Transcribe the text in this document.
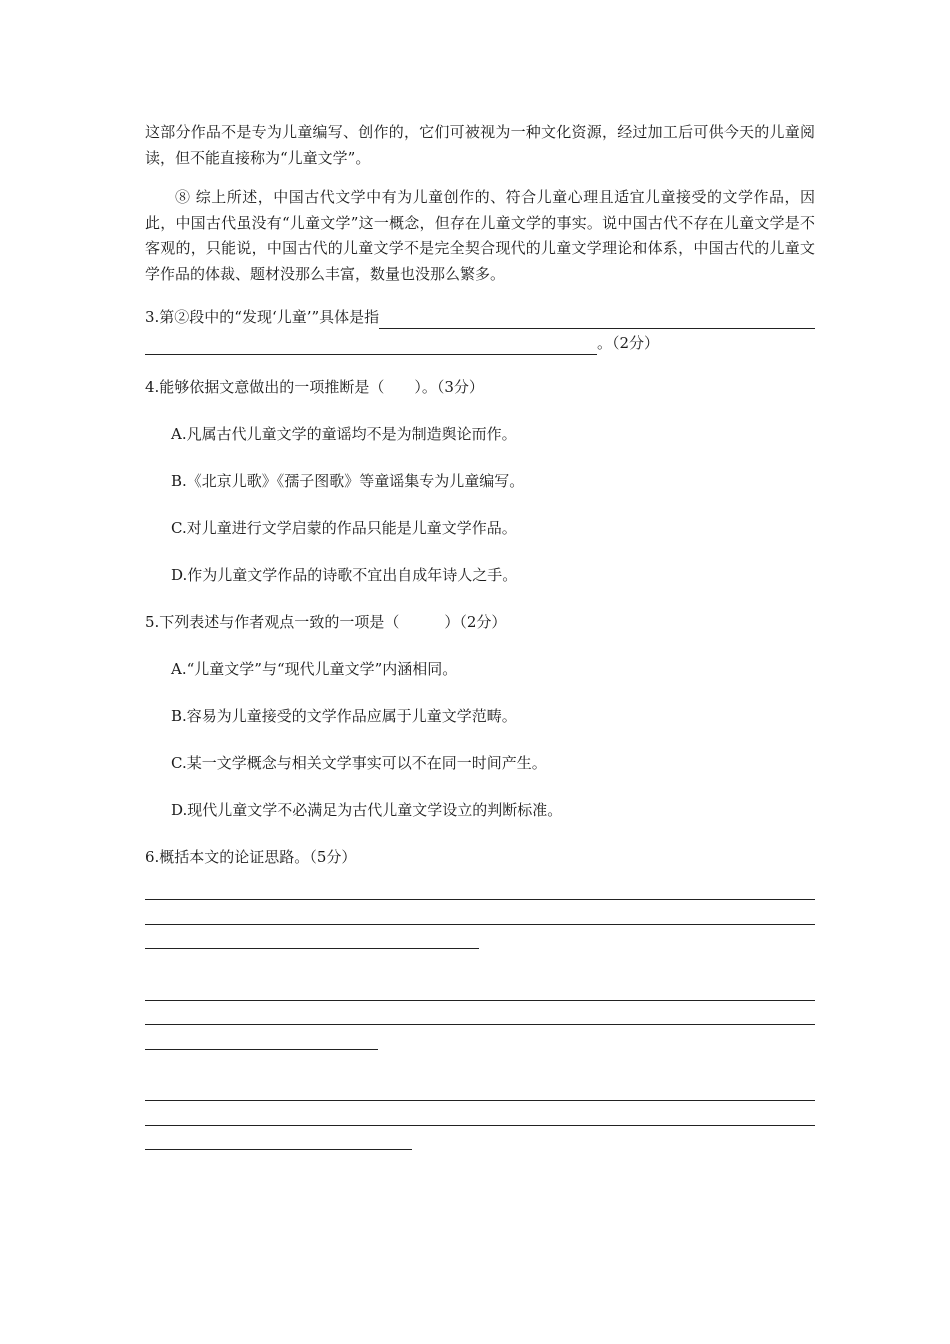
这部分作品不是专为儿童编写、创作的，它们可被视为一种文化资源，经过加工后可供今天的儿童阅读，但不能直接称为“儿童文学”。

⑧ 综上所述，中国古代文学中有为儿童创作的、符合儿童心理且适宜儿童接受的文学作品，因此，中国古代虽没有“儿童文学”这一概念，但存在儿童文学的事实。说中国古代不存在儿童文学是不客观的，只能说，中国古代的儿童文学不是完全契合现代的儿童文学理论和体系，中国古代的儿童文学作品的体裁、题材没那么丰富，数量也没那么繁多。

3.第②段中的“发现‘儿童’”具体是指
。（2分）

4.能够依据文意做出的一项推断是（　　）。（3分）

A.凡属古代儿童文学的童谣均不是为制造舆论而作。

B.《北京儿歌》《孺子图歌》等童谣集专为儿童编写。

C.对儿童进行文学启蒙的作品只能是儿童文学作品。

D.作为儿童文学作品的诗歌不宜出自成年诗人之手。

5.下列表述与作者观点一致的一项是（　　　）（2分）

A.“儿童文学”与“现代儿童文学”内涵相同。

B.容易为儿童接受的文学作品应属于儿童文学范畴。

C.某一文学概念与相关文学事实可以不在同一时间产生。

D.现代儿童文学不必满足为古代儿童文学设立的判断标准。

6.概括本文的论证思路。（5分）
